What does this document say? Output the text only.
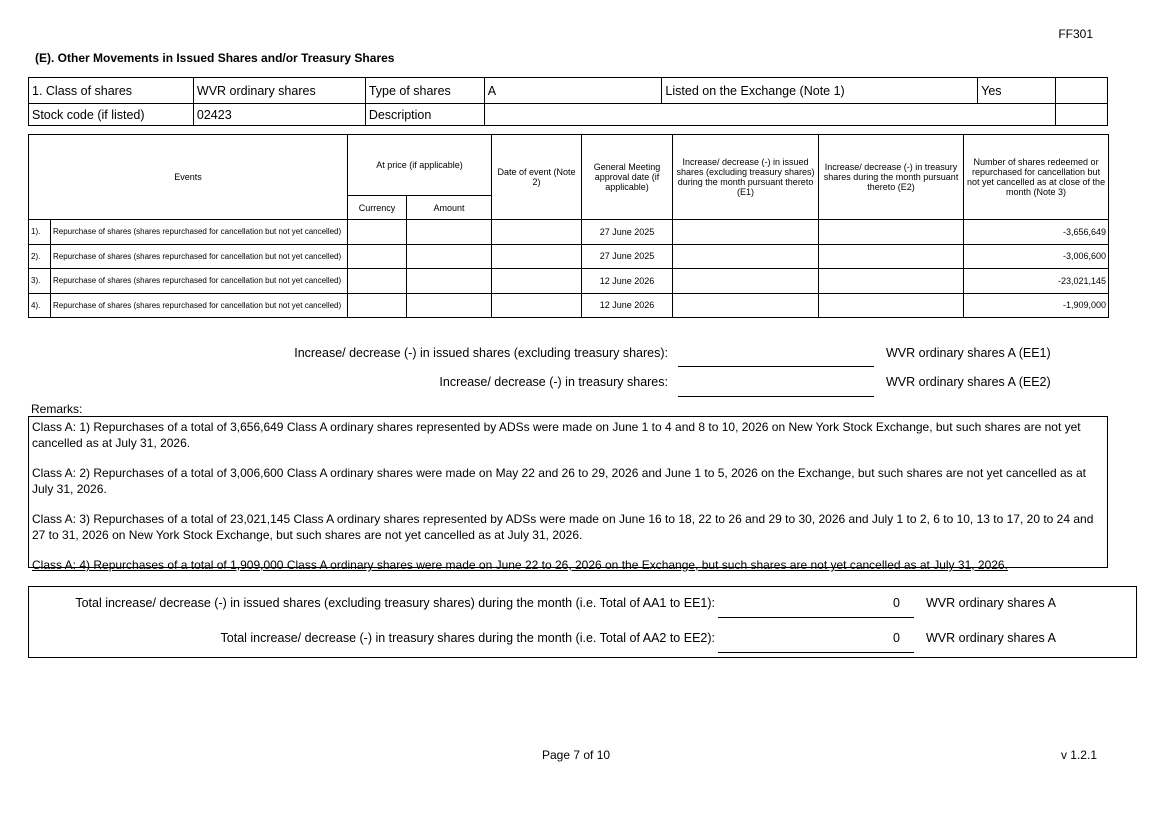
FF301
(E). Other Movements in Issued Shares and/or Treasury Shares
1. Class of shares	WVR ordinary shares	Type of shares	A	Listed on the Exchange (Note 1)	Yes	
Stock code (if listed)	02423	Description				
Events		At price (if applicable)		Date of event (Note 2)	General Meeting approval date (if applicable)	Increase/ decrease (-) in issued shares (excluding treasury shares) during the month pursuant thereto (E1)	Increase/ decrease (-) in treasury shares during the month pursuant thereto (E2)	Number of shares redeemed or repurchased for cancellation but not yet cancelled as at close of the month (Note 3)
		Currency	Amount					
1).	Repurchase of shares (shares repurchased for cancellation but not yet cancelled)				27 June 2025			-3,656,649
2).	Repurchase of shares (shares repurchased for cancellation but not yet cancelled)				27 June 2025			-3,006,600
3).	Repurchase of shares (shares repurchased for cancellation but not yet cancelled)				12 June 2026			-23,021,145
4).	Repurchase of shares (shares repurchased for cancellation but not yet cancelled)				12 June 2026			-1,909,000
Increase/ decrease (-) in issued shares (excluding treasury shares):	WVR ordinary shares A (EE1)
Increase/ decrease (-) in treasury shares:	WVR ordinary shares A (EE2)
Remarks:

Class A: 1) Repurchases of a total of 3,656,649 Class A ordinary shares represented by ADSs were made on June 1 to 4 and 8 to 10, 2026 on New York Stock Exchange, but such shares are not yet cancelled as at July 31, 2026.

Class A: 2) Repurchases of a total of 3,006,600 Class A ordinary shares were made on May 22 and 26 to 29, 2026 and June 1 to 5, 2026 on the Exchange, but such shares are not yet cancelled as at July 31, 2026.

Class A: 3) Repurchases of a total of 23,021,145 Class A ordinary shares represented by ADSs were made on June 16 to 18, 22 to 26 and 29 to 30, 2026 and July 1 to 2, 6 to 10, 13 to 17, 20 to 24 and 27 to 31, 2026 on New York Stock Exchange, but such shares are not yet cancelled as at July 31, 2026.

Class A: 4) Repurchases of a total of 1,909,000 Class A ordinary shares were made on June 22 to 26, 2026 on the Exchange, but such shares are not yet cancelled as at July 31, 2026.

Total increase/ decrease (-) in issued shares (excluding treasury shares) during the month (i.e. Total of AA1 to EE1):	0 WVR ordinary shares A
Total increase/ decrease (-) in treasury shares during the month (i.e. Total of AA2 to EE2):	0 WVR ordinary shares A
Page 7 of 10	v 1.2.1
